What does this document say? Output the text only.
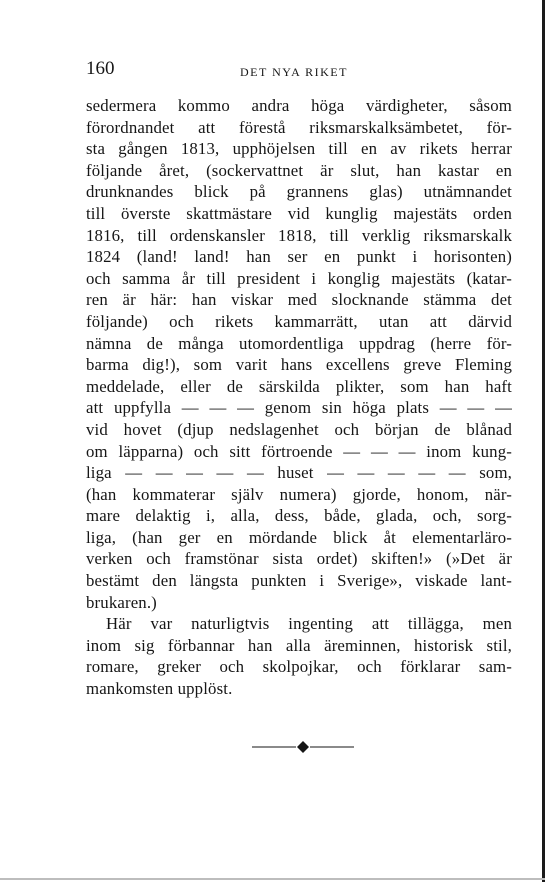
160	DET NYA RIKET
sedermera kommo andra höga värdigheter, såsom
förordnandet att förestå riksmarskalksämbetet, för-
sta gången 1813, upphöjelsen till en av rikets herrar
följande året, (sockervattnet är slut, han kastar en
drunknandes blick på grannens glas) utnämnandet
till överste skattmästare vid kunglig majestäts orden
1816, till ordenskansler 1818, till verklig riksmarskalk
1824 (land! land! han ser en punkt i horisonten)
och samma år till president i konglig majestäts (katar-
ren är här: han viskar med slocknande stämma det
följande) och rikets kammarrätt, utan att därvid
nämna de många utomordentliga uppdrag (herre för-
barma dig!), som varit hans excellens greve Fleming
meddelade, eller de särskilda plikter, som han haft
att uppfylla — — — genom sin höga plats — — —
vid hovet (djup nedslagenhet och början de blånad
om läpparna) och sitt förtroende — — — inom kung-
liga — — — — — huset — — — — — som,
(han kommaterar själv numera) gjorde, honom, när-
mare delaktig i, alla, dess, både, glada, och, sorg-
liga, (han ger en mördande blick åt elementarläro-
verken och framstönar sista ordet) skiften!» (»Det är
bestämt den längsta punkten i Sverige», viskade lant-
brukaren.)
Här var naturligtvis ingenting att tillägga, men
inom sig förbannar han alla äreminnen, historisk stil,
romare, greker och skolpojkar, och förklarar sam-
mankomsten upplöst.
